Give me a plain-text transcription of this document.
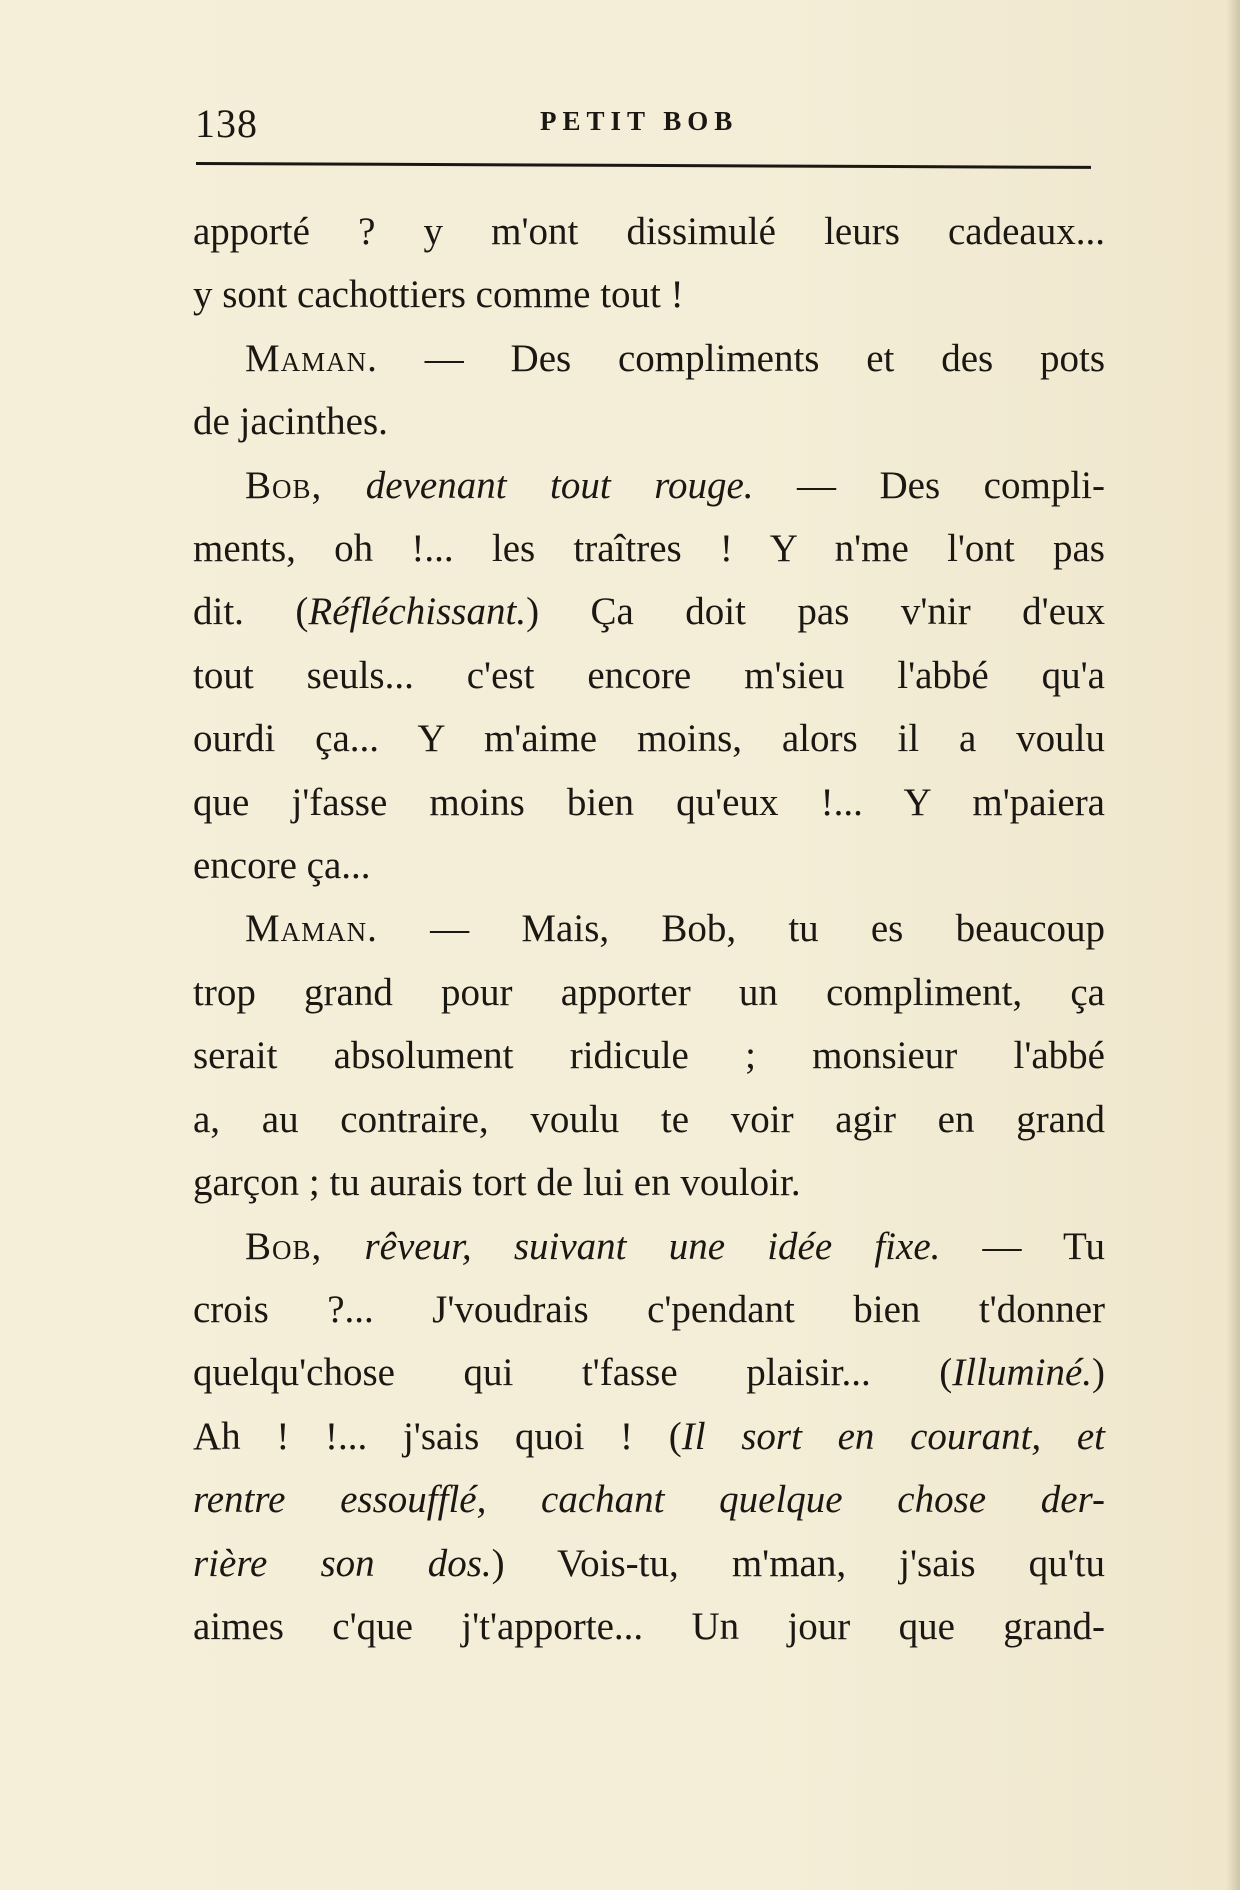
138	PETIT BOB
apporté ? y m'ont dissimulé leurs cadeaux...
y sont cachottiers comme tout !
Maman. — Des compliments et des pots
de jacinthes.
Bob, devenant tout rouge. — Des compli-
ments, oh !... les traîtres ! Y n'me l'ont pas
dit. (Réfléchissant.) Ça doit pas v'nir d'eux
tout seuls... c'est encore m'sieu l'abbé qu'a
ourdi ça... Y m'aime moins, alors il a voulu
que j'fasse moins bien qu'eux !... Y m'paiera
encore ça...
Maman. — Mais, Bob, tu es beaucoup
trop grand pour apporter un compliment, ça
serait absolument ridicule ; monsieur l'abbé
a, au contraire, voulu te voir agir en grand
garçon ; tu aurais tort de lui en vouloir.
Bob, rêveur, suivant une idée fixe. — Tu
crois ?... J'voudrais c'pendant bien t'donner
quelqu'chose qui t'fasse plaisir... (Illuminé.)
Ah ! !... j'sais quoi ! (Il sort en courant, et
rentre essoufflé, cachant quelque chose der-
rière son dos.) Vois-tu, m'man, j'sais qu'tu
aimes c'que j't'apporte... Un jour que grand-
